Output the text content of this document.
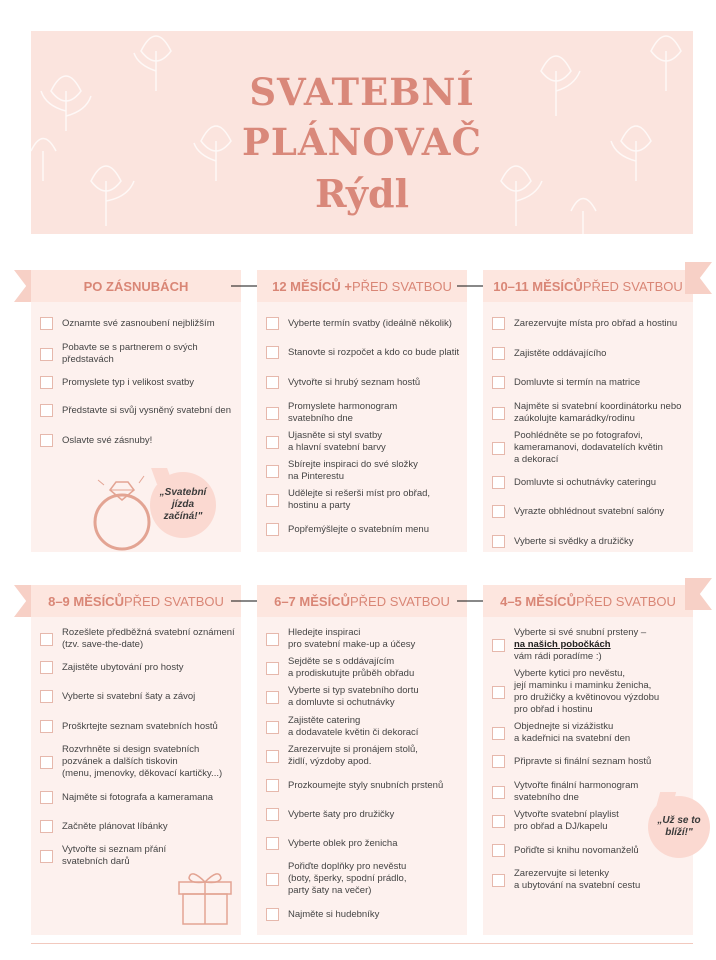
SVATEBNÍ
PLÁNOVAČ
Rýdl
PO ZÁSNUBÁCH	12 MĚSÍCŮ + PŘED SVATBOU	10–11 MĚSÍCŮ PŘED SVATBOU
Oznamte své zasnoubení nejbližším
Pobavte se s partnerem o svých
představách
Promyslete typ i velikost svatby
Představte si svůj vysněný svatební den
Oslavte své zásnuby!
„Svatební
jízda
začíná!"
Vyberte termín svatby (ideálně několik)
Stanovte si rozpočet a kdo co bude platit
Vytvořte si hrubý seznam hostů
Promyslete harmonogram
svatebního dne
Ujasněte si styl svatby
a hlavní svatební barvy
Sbírejte inspiraci do své složky
na Pinterestu
Udělejte si rešerši míst pro obřad,
hostinu a party
Popřemýšlejte o svatebním menu
Zarezervujte místa pro obřad a hostinu
Zajistěte oddávajícího
Domluvte si termín na matrice
Najměte si svatební koordinátorku nebo
zaúkolujte kamarádky/rodinu
Poohlédněte se po fotografovi,
kameramanovi, dodavatelích květin
a dekorací
Domluvte si ochutnávky cateringu
Vyrazte obhlédnout svatební salóny
Vyberte si svědky a družičky
8–9 MĚSÍCŮ PŘED SVATBOU	6–7 MĚSÍCŮ PŘED SVATBOU	4–5 MĚSÍCŮ PŘED SVATBOU
Rozešlete předběžná svatební oznámení
(tzv. save-the-date)
Zajistěte ubytování pro hosty
Vyberte si svatební šaty a závoj
Proškrtejte seznam svatebních hostů
Rozvrhněte si design svatebních
pozvánek a dalších tiskovin
(menu, jmenovky, děkovací kartičky...)
Najměte si fotografa a kameramana
Začněte plánovat líbánky
Vytvořte si seznam přání
svatebních darů
Hledejte inspiraci
pro svatební make-up a účesy
Sejděte se s oddávajícím
a prodiskutujte průběh obřadu
Vyberte si typ svatebního dortu
a domluvte si ochutnávky
Zajistěte catering
a dodavatele květin či dekorací
Zarezervujte si pronájem stolů,
židlí, výzdoby apod.
Prozkoumejte styly snubních prstenů
Vyberte šaty pro družičky
Vyberte oblek pro ženicha
Pořiďte doplňky pro nevěstu
(boty, šperky, spodní prádlo,
party šaty na večer)
Najměte si hudebníky
Vyberte si své snubní prsteny –
na našich pobočkách
vám rádi poradíme :)
Vyberte kytici pro nevěstu,
její maminku i maminku ženicha,
pro družičky a květinovou výzdobu
pro obřad i hostinu
Objednejte si vizážistku
a kadeřnici na svatební den
Připravte si finální seznam hostů
Vytvořte finální harmonogram
svatebního dne
Vytvořte svatební playlist
pro obřad a DJ/kapelu
Pořiďte si knihu novomanželů
Zarezervujte si letenky
a ubytování na svatební cestu
„Už se to
blíží!"
